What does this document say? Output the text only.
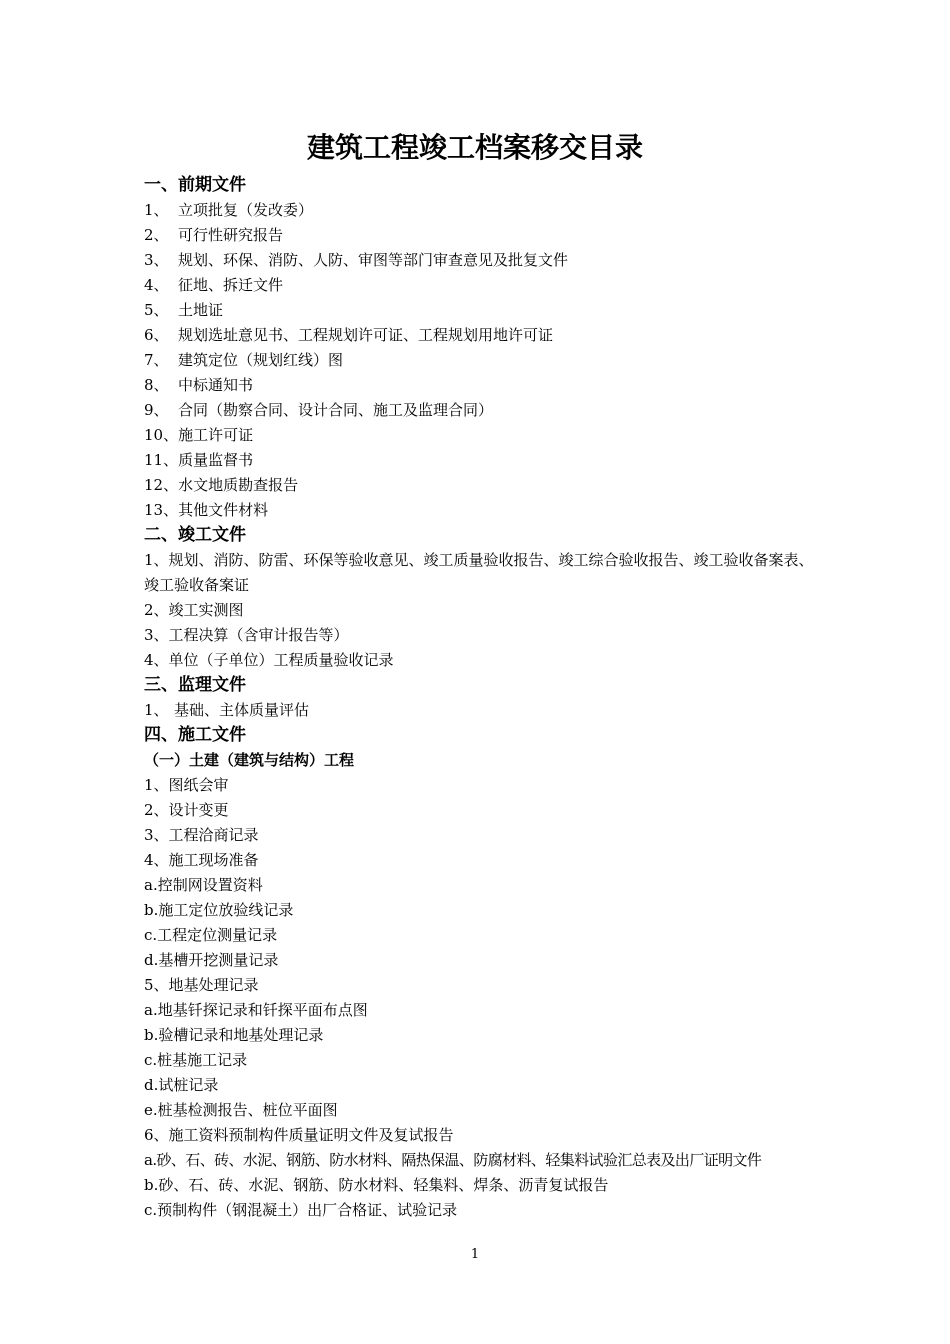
建筑工程竣工档案移交目录
一、前期文件
1、 立项批复（发改委）
2、 可行性研究报告
3、 规划、环保、消防、人防、审图等部门审查意见及批复文件
4、 征地、拆迁文件
5、 土地证
6、 规划选址意见书、工程规划许可证、工程规划用地许可证
7、 建筑定位（规划红线）图
8、 中标通知书
9、 合同（勘察合同、设计合同、施工及监理合同）
10、施工许可证
11、质量监督书
12、水文地质勘查报告
13、其他文件材料
二、竣工文件
1、规划、消防、防雷、环保等验收意见、竣工质量验收报告、竣工综合验收报告、竣工验收备案表、竣工验收备案证
2、竣工实测图
3、工程决算（含审计报告等）
4、单位（子单位）工程质量验收记录
三、监理文件
1、 基础、主体质量评估
四、施工文件
（一）土建（建筑与结构）工程
1、图纸会审
2、设计变更
3、工程洽商记录
4、施工现场准备
a.控制网设置资料
b.施工定位放验线记录
c.工程定位测量记录
d.基槽开挖测量记录
5、地基处理记录
a.地基钎探记录和钎探平面布点图
b.验槽记录和地基处理记录
c.桩基施工记录
d.试桩记录
e.桩基检测报告、桩位平面图
6、施工资料预制构件质量证明文件及复试报告
a.砂、石、砖、水泥、钢筋、防水材料、隔热保温、防腐材料、轻集料试验汇总表及出厂证明文件
b.砂、石、砖、水泥、钢筋、防水材料、轻集料、焊条、沥青复试报告
c.预制构件（钢混凝土）出厂合格证、试验记录
1
